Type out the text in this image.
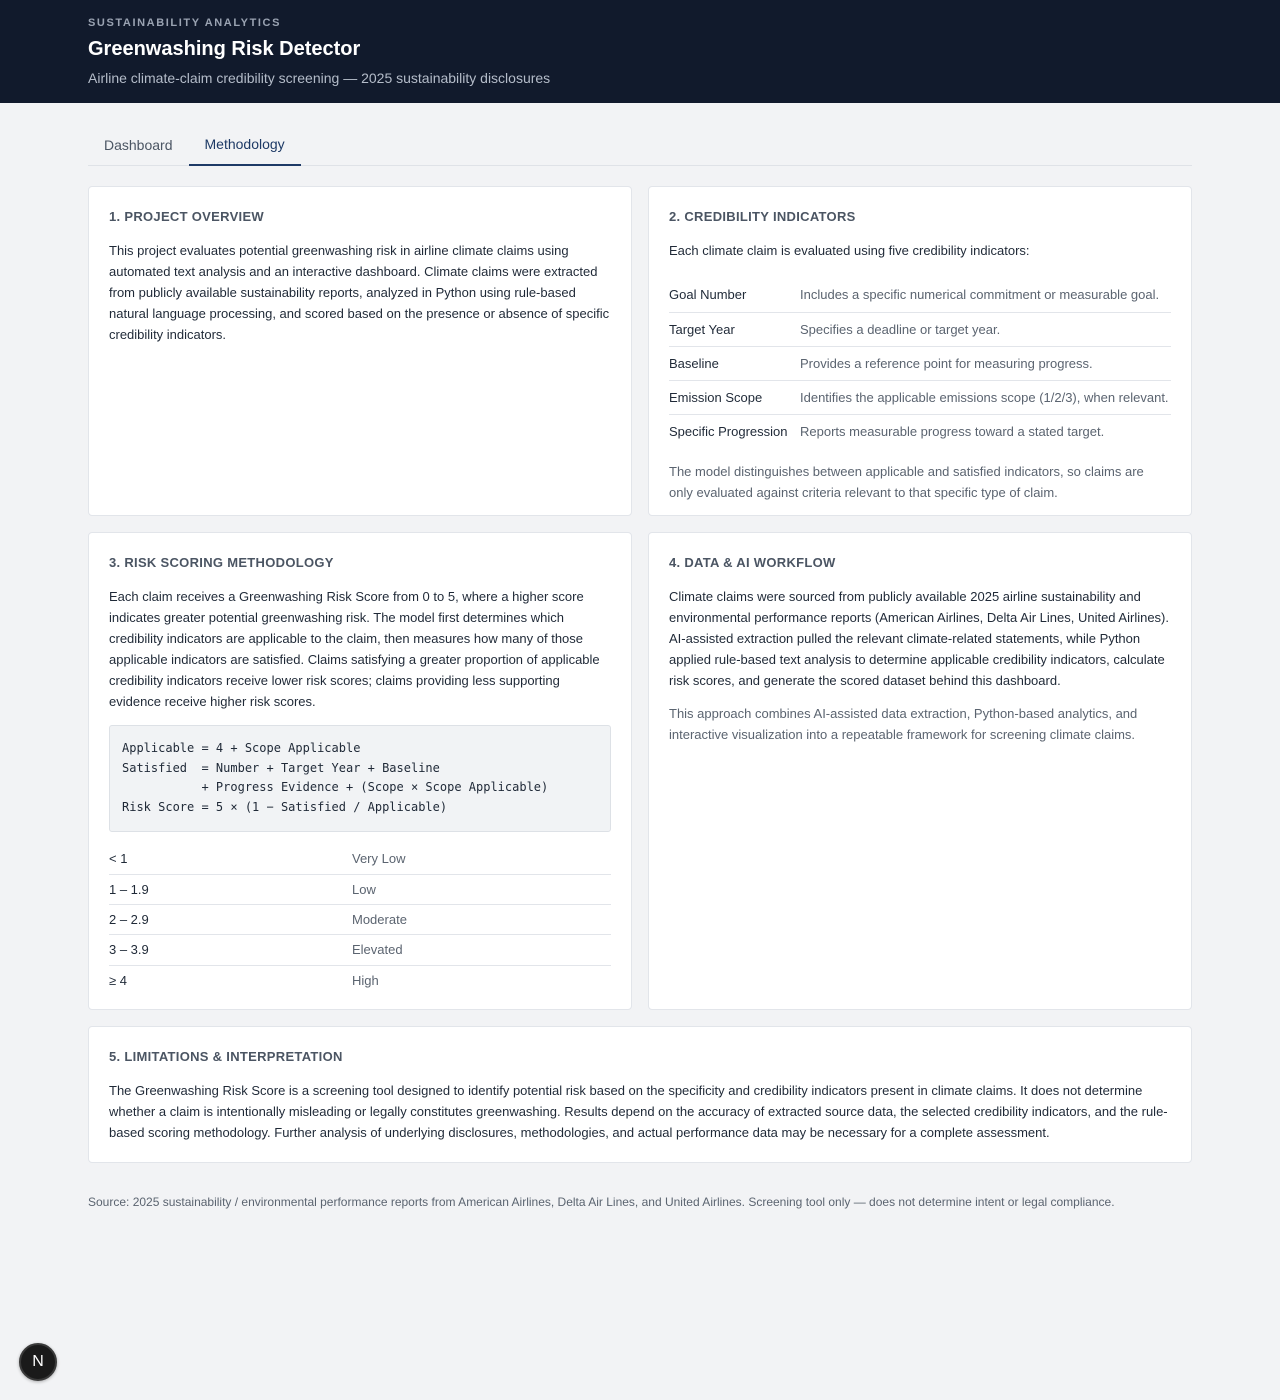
SUSTAINABILITY ANALYTICS
Greenwashing Risk Detector
Airline climate-claim credibility screening — 2025 sustainability disclosures
Dashboard	Methodology
1. PROJECT OVERVIEW

This project evaluates potential greenwashing risk in airline climate claims using automated text analysis and an interactive dashboard. Climate claims were extracted from publicly available sustainability reports, analyzed in Python using rule-based natural language processing, and scored based on the presence or absence of specific credibility indicators.

2. CREDIBILITY INDICATORS

Each climate claim is evaluated using five credibility indicators:

Goal Number	Includes a specific numerical commitment or measurable goal.
Target Year	Specifies a deadline or target year.
Baseline	Provides a reference point for measuring progress.
Emission Scope	Identifies the applicable emissions scope (1/2/3), when relevant.
Specific Progression	Reports measurable progress toward a stated target.

The model distinguishes between applicable and satisfied indicators, so claims are only evaluated against criteria relevant to that specific type of claim.

3. RISK SCORING METHODOLOGY

Each claim receives a Greenwashing Risk Score from 0 to 5, where a higher score indicates greater potential greenwashing risk. The model first determines which credibility indicators are applicable to the claim, then measures how many of those applicable indicators are satisfied. Claims satisfying a greater proportion of applicable credibility indicators receive lower risk scores; claims providing less supporting evidence receive higher risk scores.

Applicable = 4 + Scope Applicable
Satisfied  = Number + Target Year + Baseline
+ Progress Evidence + (Scope × Scope Applicable)
Risk Score = 5 × (1 − Satisfied / Applicable)
< 1	Very Low
1 – 1.9	Low
2 – 2.9	Moderate
3 – 3.9	Elevated
≥ 4	High
4. DATA & AI WORKFLOW

Climate claims were sourced from publicly available 2025 airline sustainability and environmental performance reports (American Airlines, Delta Air Lines, United Airlines). AI-assisted extraction pulled the relevant climate-related statements, while Python applied rule-based text analysis to determine applicable credibility indicators, calculate risk scores, and generate the scored dataset behind this dashboard.

This approach combines AI-assisted data extraction, Python-based analytics, and interactive visualization into a repeatable framework for screening climate claims.

5. LIMITATIONS & INTERPRETATION

The Greenwashing Risk Score is a screening tool designed to identify potential risk based on the specificity and credibility indicators present in climate claims. It does not determine whether a claim is intentionally misleading or legally constitutes greenwashing. Results depend on the accuracy of extracted source data, the selected credibility indicators, and the rule-based scoring methodology. Further analysis of underlying disclosures, methodologies, and actual performance data may be necessary for a complete assessment.

Source: 2025 sustainability / environmental performance reports from American Airlines, Delta Air Lines, and United Airlines. Screening tool only — does not determine intent or legal compliance.
N
